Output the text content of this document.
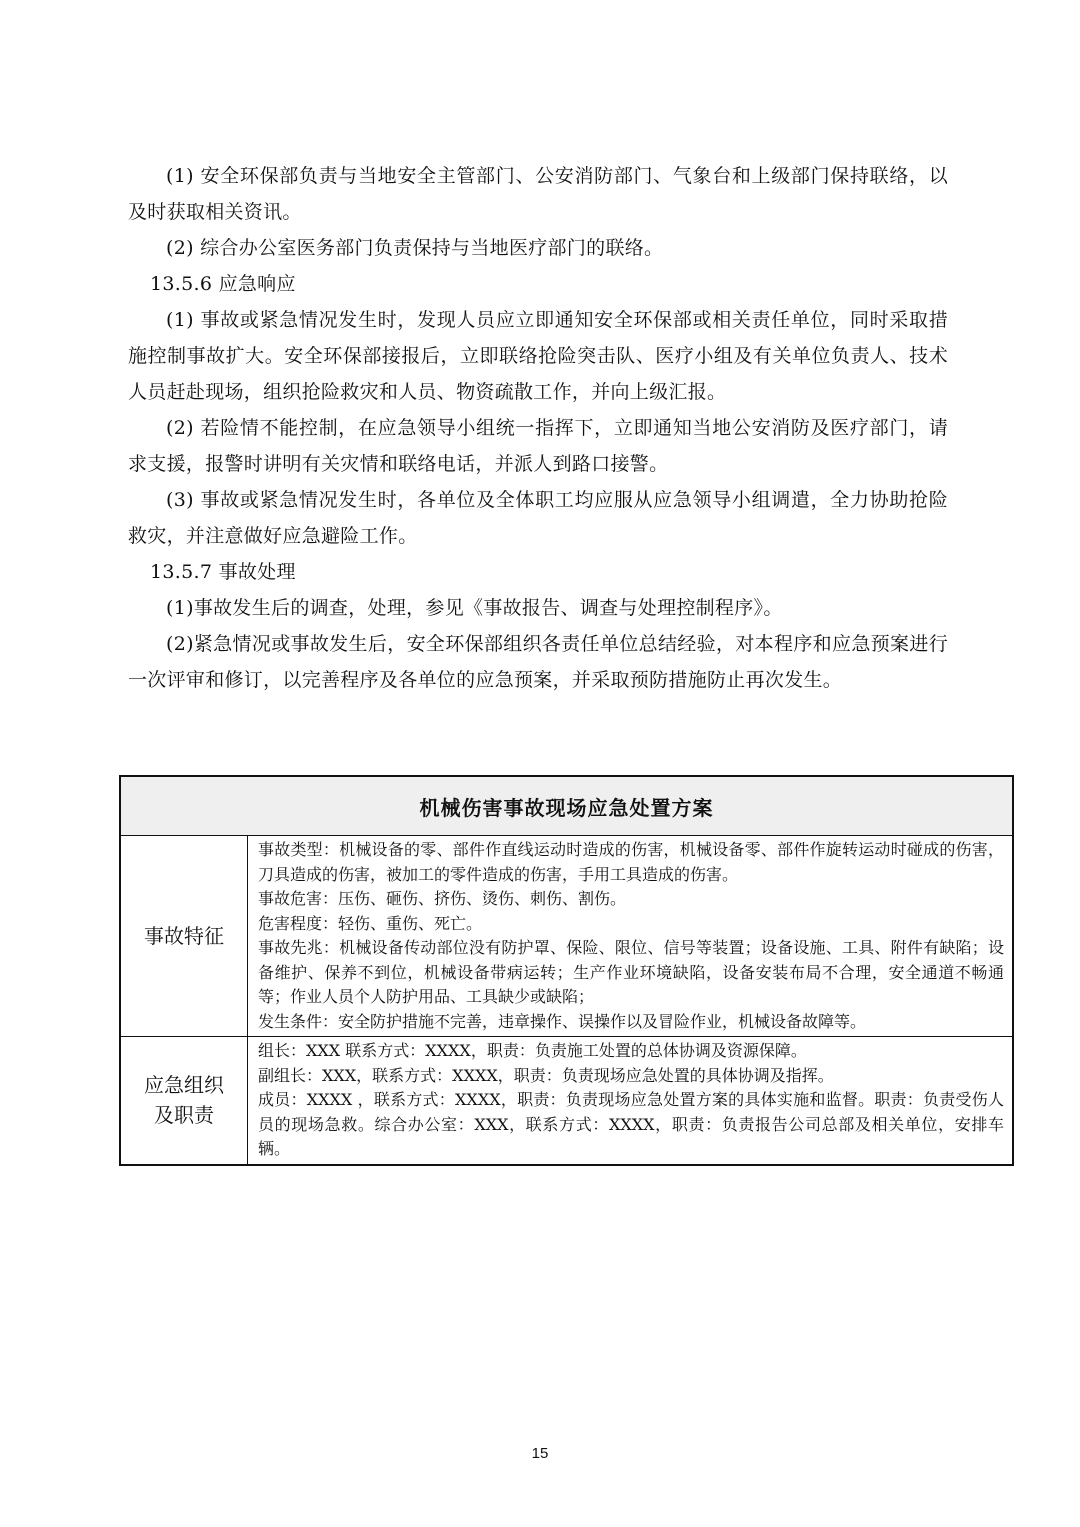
(1) 安全环保部负责与当地安全主管部门、公安消防部门、气象台和上级部门保持联络，以及时获取相关资讯。

(2) 综合办公室医务部门负责保持与当地医疗部门的联络。

13.5.6 应急响应

(1) 事故或紧急情况发生时，发现人员应立即通知安全环保部或相关责任单位，同时采取措施控制事故扩大。安全环保部接报后，立即联络抢险突击队、医疗小组及有关单位负责人、技术人员赶赴现场，组织抢险救灾和人员、物资疏散工作，并向上级汇报。

(2) 若险情不能控制，在应急领导小组统一指挥下，立即通知当地公安消防及医疗部门，请求支援，报警时讲明有关灾情和联络电话，并派人到路口接警。

(3) 事故或紧急情况发生时，各单位及全体职工均应服从应急领导小组调遣，全力协助抢险救灾，并注意做好应急避险工作。

13.5.7 事故处理

(1)事故发生后的调查，处理，参见《事故报告、调查与处理控制程序》。

(2)紧急情况或事故发生后，安全环保部组织各责任单位总结经验，对本程序和应急预案进行一次评审和修订，以完善程序及各单位的应急预案，并采取预防措施防止再次发生。

机械伤害事故现场应急处置方案	
事故特征	事故类型：机械设备的零、部件作直线运动时造成的伤害，机械设备零、部件作旋转运动时碰成的伤害，刀具造成的伤害，被加工的零件造成的伤害，手用工具造成的伤害。
事故危害：压伤、砸伤、挤伤、烫伤、刺伤、割伤。
危害程度：轻伤、重伤、死亡。
事故先兆：机械设备传动部位没有防护罩、保险、限位、信号等装置；设备设施、工具、附件有缺陷；设备维护、保养不到位，机械设备带病运转；生产作业环境缺陷，设备安装布局不合理，安全通道不畅通等；作业人员个人防护用品、工具缺少或缺陷；
发生条件：安全防护措施不完善，违章操作、误操作以及冒险作业，机械设备故障等。

应急组织
及职责	组长：XXX 联系方式：XXXX，职责：负责施工处置的总体协调及资源保障。
副组长：XXX，联系方式：XXXX，职责：负责现场应急处置的具体协调及指挥。
成员：XXXX ，联系方式：XXXX，职责：负责现场应急处置方案的具体实施和监督。职责：负责受伤人员的现场急救。综合办公室：XXX，联系方式：XXXX，职责：负责报告公司总部及相关单位，安排车辆。
15
